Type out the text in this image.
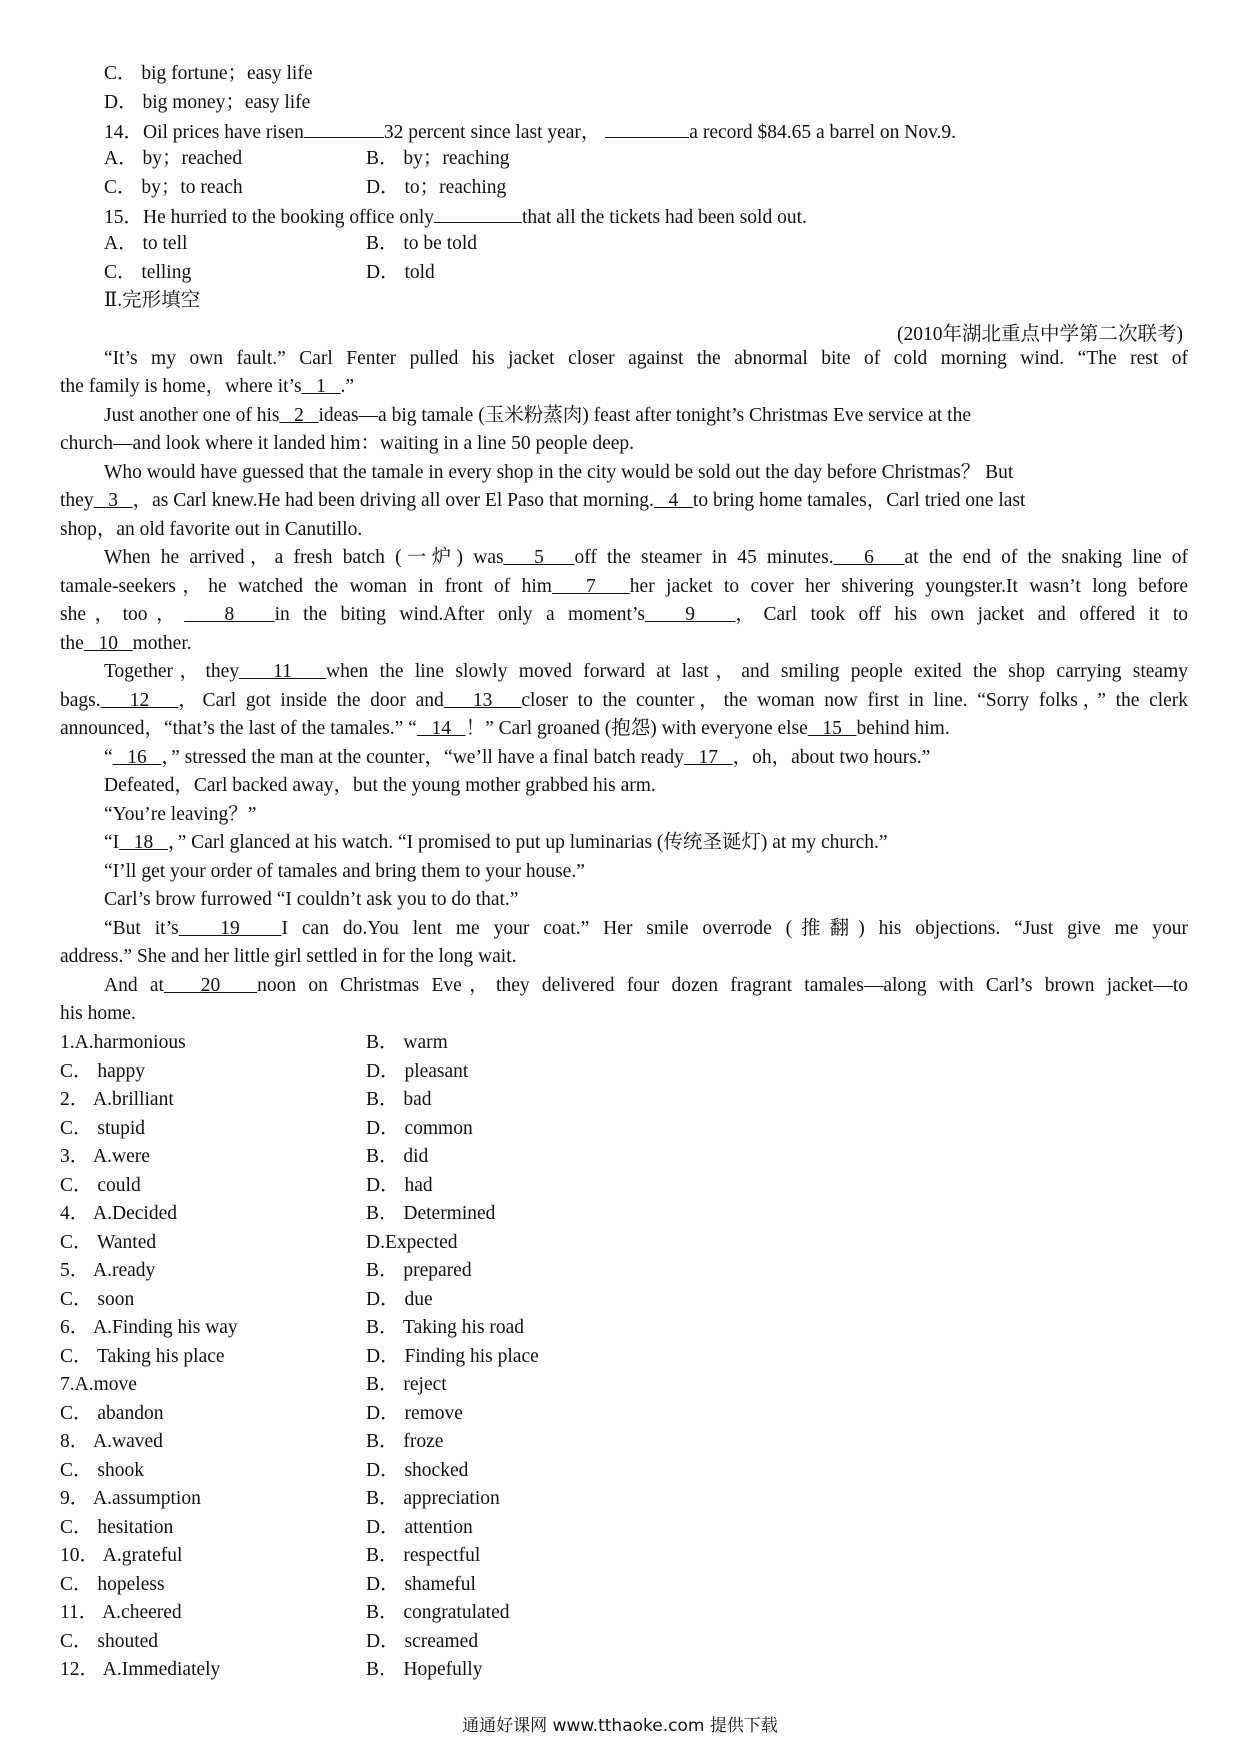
C． big fortune；easy life
D． big money；easy life
14．Oil prices have risen	32 percent since last year，	a record $84.65 a barrel on Nov.9.
A． by；reached	B． by；reaching
C． by；to reach	D． to；reaching
15．He hurried to the booking office only	that all the tickets had been sold out.
A． to tell	B． to be told
C． telling	D． told
Ⅱ.完形填空
(2010年湖北重点中学第二次联考)
“It’s my own fault.” Carl Fenter pulled his jacket closer against the abnormal bite of cold morning wind. “The rest of
the family is home，where it’s 1 .”
Just another one of his 2 ideas—a big tamale (玉米粉蒸肉) feast after tonight’s Christmas Eve service at the
church—and look where it landed him：waiting in a line 50 people deep.
Who would have guessed that the tamale in every shop in the city would be sold out the day before Christmas？ But
they 3 ，as Carl knew.He had been driving all over El Paso that morning. 4 to bring home tamales，Carl tried one last
shop，an old favorite out in Canutillo.
When he arrived，a fresh batch (一炉) was 5 off the steamer in 45 minutes. 6 at the end of the snaking line of
tamale-seekers，he watched the woman in front of him 7 her jacket to cover her shivering youngster.It wasn’t long before
she，too， 8 in the biting wind.After only a moment’s 9 ，Carl took off his own jacket and offered it to
the 10 mother.
Together，they 11 when the line slowly moved forward at last，and smiling people exited the shop carrying steamy
bags. 12 ，Carl got inside the door and 13 closer to the counter，the woman now first in line. “Sorry folks，” the clerk
announced，“that’s the last of the tamales.” “ 14 ！” Carl groaned (抱怨) with everyone else 15 behind him.
“ 16 ，” stressed the man at the counter，“we’ll have a final batch ready 17 ，oh，about two hours.”
Defeated，Carl backed away，but the young mother grabbed his arm.
“You’re leaving？”
“I 18 ，” Carl glanced at his watch. “I promised to put up luminarias (传统圣诞灯) at my church.”
“I’ll get your order of tamales and bring them to your house.”
Carl’s brow furrowed “I couldn’t ask you to do that.”
“But it’s 19 I can do.You lent me your coat.” Her smile overrode (推翻) his objections. “Just give me your
address.” She and her little girl settled in for the long wait.
And at 20 noon on Christmas Eve，they delivered four dozen fragrant tamales—along with Carl’s brown jacket—to
his home.
1.A.harmonious	B． warm
C． happy	D． pleasant
2． A.brilliant	B． bad
C． stupid	D． common
3． A.were	B． did
C． could	D． had
4． A.Decided	B． Determined
C． Wanted	D.Expected
5． A.ready	B． prepared
C． soon	D． due
6． A.Finding his way	B． Taking his road
C． Taking his place	D． Finding his place
7.A.move	B． reject
C． abandon	D． remove
8． A.waved	B． froze
C． shook	D． shocked
9． A.assumption	B． appreciation
C． hesitation	D． attention
10． A.grateful	B． respectful
C． hopeless	D． shameful
11． A.cheered	B． congratulated
C． shouted	D． screamed
12． A.Immediately	B． Hopefully
通通好课网 www.tthaoke.com 提供下载
